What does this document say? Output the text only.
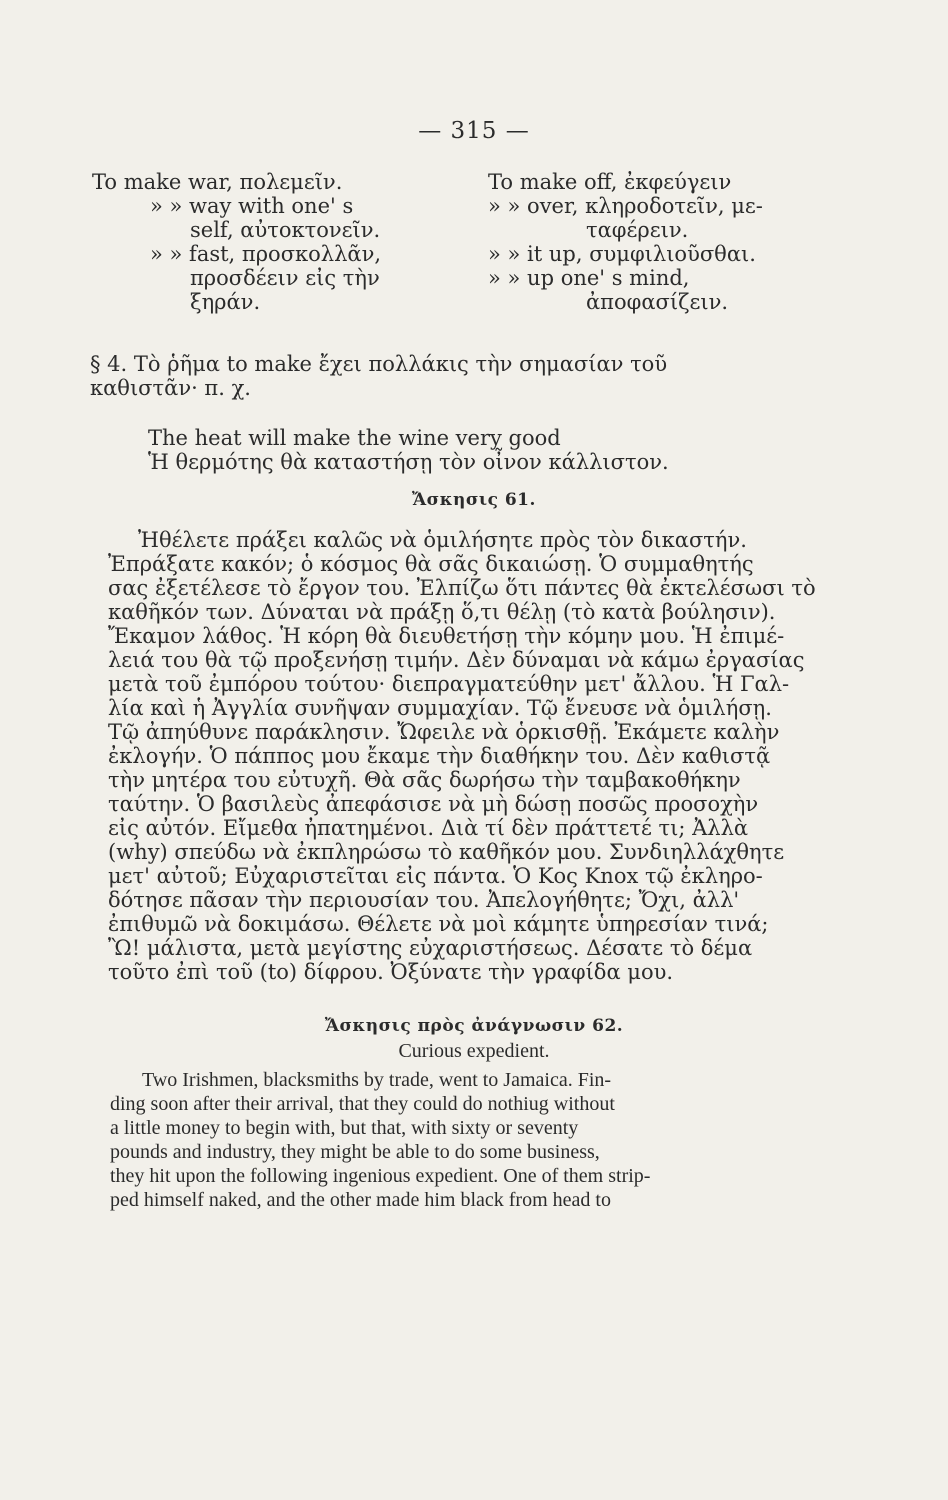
— 315 —
To make war, πολεμεῖν.
» » way with one' s
self, αὐτοκτονεῖν.
» » fast, προσκολλᾶν,
προσδέειν εἰς τὴν
ξηράν.
To make off, ἐκφεύγειν
» » over, κληροδοτεῖν, με-
ταφέρειν.
» » it up, συμφιλιοῦσθαι.
» » up one' s mind,
ἀποφασίζειν.
§ 4. Τὸ ῥῆμα to make ἔχει πολλάκις τὴν σημασίαν τοῦ
καθιστᾶν· π. χ.
The heat will make the wine very good
Ἡ θερμότης θὰ καταστήσῃ τὸν οἶνον κάλλιστον.
Ἄσκησις 61.
Ἠθέλετε πράξει καλῶς νὰ ὁμιλήσητε πρὸς τὸν δικαστήν.
Ἐπράξατε κακόν; ὁ κόσμος θὰ σᾶς δικαιώσῃ. Ὁ συμμαθητής
σας ἐξετέλεσε τὸ ἔργον του. Ἐλπίζω ὅτι πάντες θὰ ἐκτελέσωσι τὸ
καθῆκόν των. Δύναται νὰ πράξῃ ὅ,τι θέλῃ (τὸ κατὰ βούλησιν).
Ἔκαμον λάθος. Ἡ κόρη θὰ διευθετήσῃ τὴν κόμην μου. Ἡ ἐπιμέ-
λειά του θὰ τῷ προξενήσῃ τιμήν. Δὲν δύναμαι νὰ κάμω ἐργασίας
μετὰ τοῦ ἐμπόρου τούτου· διεπραγματεύθην μετ' ἄλλου. Ἡ Γαλ-
λία καὶ ἡ Ἀγγλία συνῆψαν συμμαχίαν. Τῷ ἔνευσε νὰ ὁμιλήσῃ.
Τῷ ἀπηύθυνε παράκλησιν. Ὤφειλε νὰ ὁρκισθῇ. Ἐκάμετε καλὴν
ἐκλογήν. Ὁ πάππος μου ἔκαμε τὴν διαθήκην του. Δὲν καθιστᾷ
τὴν μητέρα του εὐτυχῆ. Θὰ σᾶς δωρήσω τὴν ταμβακοθήκην
ταύτην. Ὁ βασιλεὺς ἀπεφάσισε νὰ μὴ δώσῃ ποσῶς προσοχὴν
εἰς αὐτόν. Εἴμεθα ἠπατημένοι. Διὰ τί δὲν πράττετέ τι; Ἀλλὰ
(why) σπεύδω νὰ ἐκπληρώσω τὸ καθῆκόν μου. Συνδιηλλάχθητε
μετ' αὐτοῦ; Εὐχαριστεῖται εἰς πάντα. Ὁ Κος Knox τῷ ἐκληρο-
δότησε πᾶσαν τὴν περιουσίαν του. Ἀπελογήθητε; Ὄχι, ἀλλ'
ἐπιθυμῶ νὰ δοκιμάσω. Θέλετε νὰ μοὶ κάμητε ὑπηρεσίαν τινά;
Ὢ! μάλιστα, μετὰ μεγίστης εὐχαριστήσεως. Δέσατε τὸ δέμα
τοῦτο ἐπὶ τοῦ (to) δίφρου. Ὀξύνατε τὴν γραφίδα μου.
Ἄσκησις πρὸς ἀνάγνωσιν 62.
Curious expedient.
Two Irishmen, blacksmiths by trade, went to Jamaica. Fin-
ding soon after their arrival, that they could do nothiug without
a little money to begin with, but that, with sixty or seventy
pounds and industry, they might be able to do some business,
they hit upon the following ingenious expedient. One of them strip-
ped himself naked, and the other made him black from head to
